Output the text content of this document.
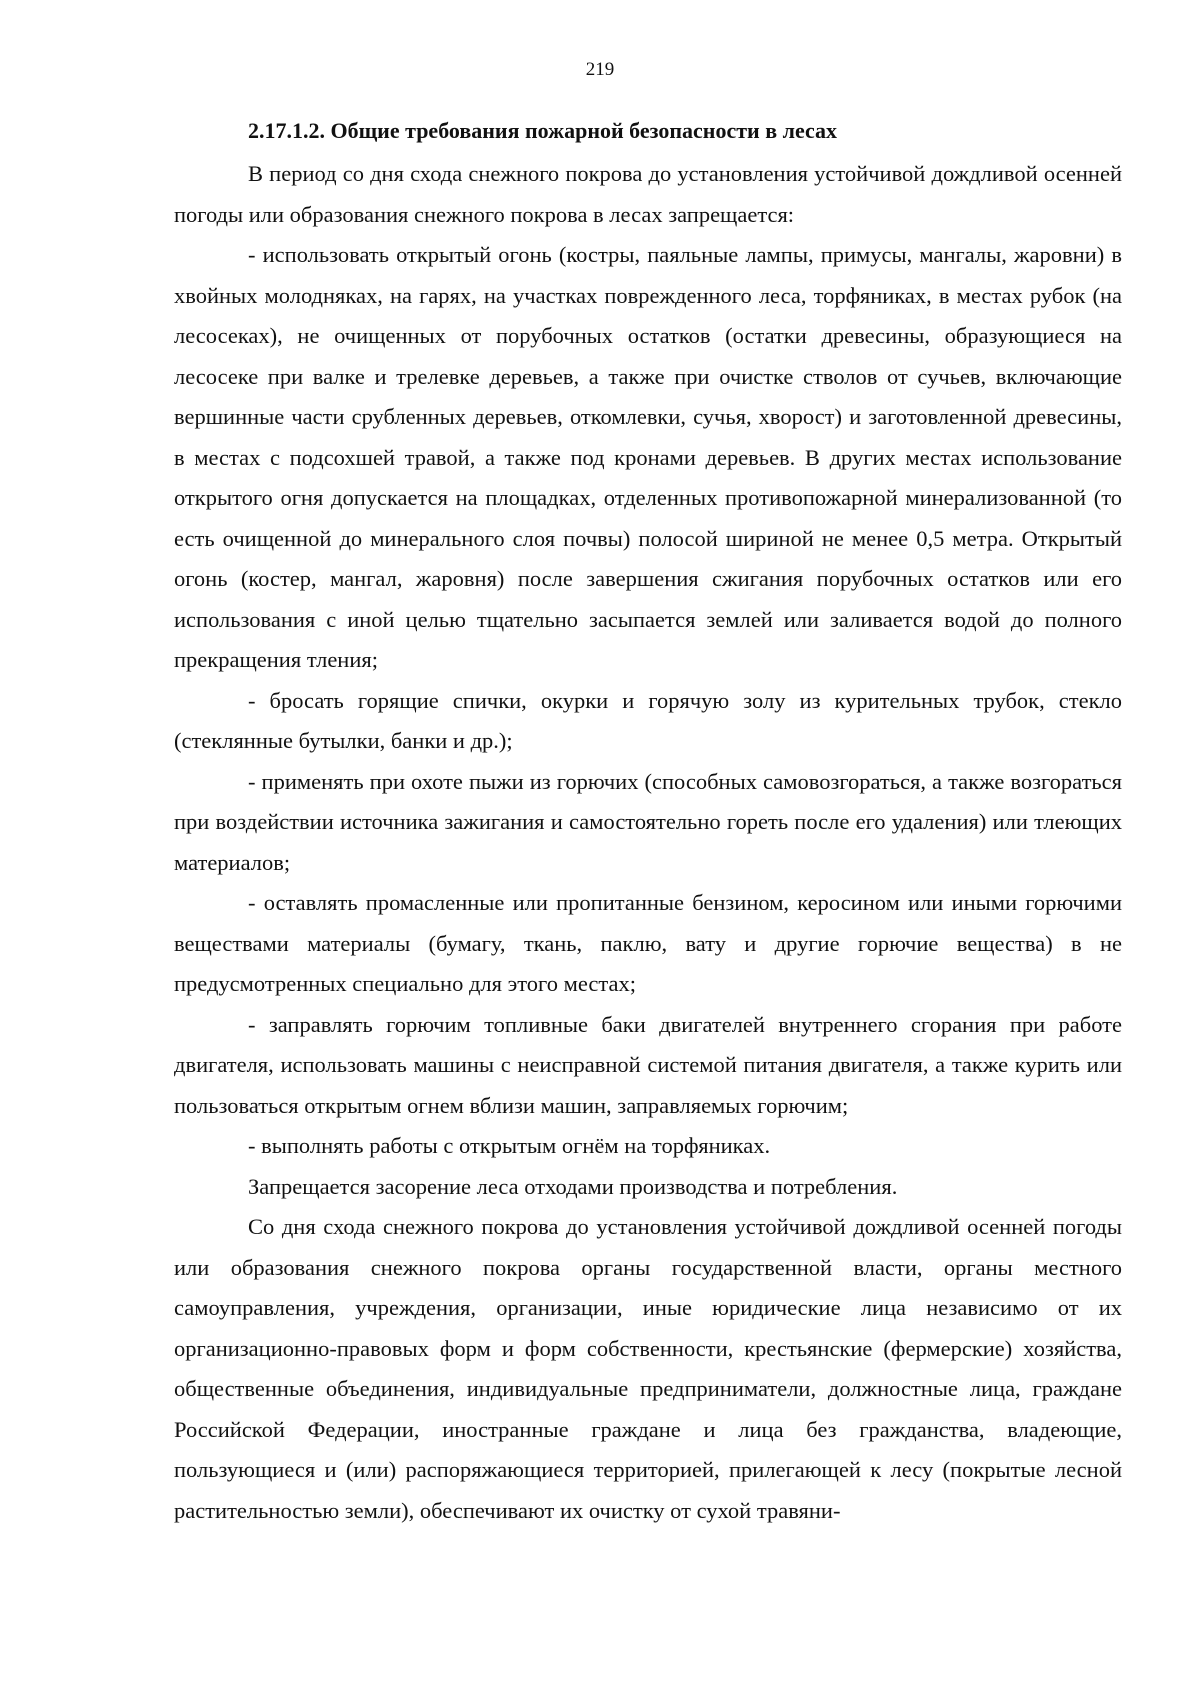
219
2.17.1.2. Общие требования пожарной безопасности в лесах

В период со дня схода снежного покрова до установления устойчивой дождливой осенней погоды или образования снежного покрова в лесах запрещается:

- использовать открытый огонь (костры, паяльные лампы, примусы, мангалы, жаровни) в хвойных молодняках, на гарях, на участках поврежденного леса, торфяниках, в местах рубок (на лесосеках), не очищенных от порубочных остатков (остатки древесины, образующиеся на лесосеке при валке и трелевке деревьев, а также при очистке стволов от сучьев, включающие вершинные части срубленных деревьев, откомлевки, сучья, хворост) и заготовленной древесины, в местах с подсохшей травой, а также под кронами деревьев. В других местах использование открытого огня допускается на площадках, отделенных противопожарной минерализованной (то есть очищенной до минерального слоя почвы) полосой шириной не менее 0,5 метра. Открытый огонь (костер, мангал, жаровня) после завершения сжигания порубочных остатков или его использования с иной целью тщательно засыпается землей или заливается водой до полного прекращения тления;

- бросать горящие спички, окурки и горячую золу из курительных трубок, стекло (стеклянные бутылки, банки и др.);

- применять при охоте пыжи из горючих (способных самовозгораться, а также возгораться при воздействии источника зажигания и самостоятельно гореть после его удаления) или тлеющих материалов;

- оставлять промасленные или пропитанные бензином, керосином или иными горючими веществами материалы (бумагу, ткань, паклю, вату и другие горючие вещества) в не предусмотренных специально для этого местах;

- заправлять горючим топливные баки двигателей внутреннего сгорания при работе двигателя, использовать машины с неисправной системой питания двигателя, а также курить или пользоваться открытым огнем вблизи машин, заправляемых горючим;

- выполнять работы с открытым огнём на торфяниках.

Запрещается засорение леса отходами производства и потребления.

Со дня схода снежного покрова до установления устойчивой дождливой осенней погоды или образования снежного покрова органы государственной власти, органы местного самоуправления, учреждения, организации, иные юридические лица независимо от их организационно-правовых форм и форм собственности, крестьянские (фермерские) хозяйства, общественные объединения, индивидуальные предприниматели, должностные лица, граждане Российской Федерации, иностранные граждане и лица без гражданства, владеющие, пользующиеся и (или) распоряжающиеся территорией, прилегающей к лесу (покрытые лесной растительностью земли), обеспечивают их очистку от сухой травяни-
